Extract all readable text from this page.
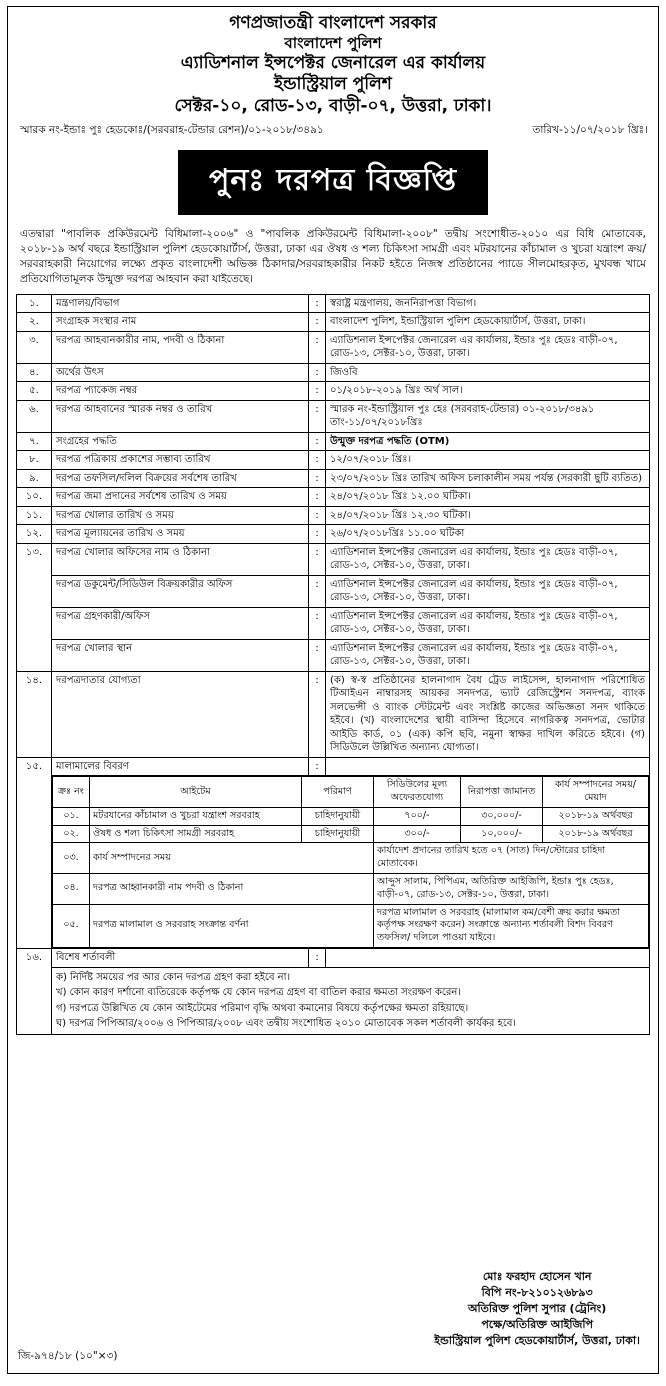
গণপ্রজাতন্ত্রী বাংলাদেশ সরকার
বাংলাদেশ পুলিশ
এ্যাডিশনাল ইন্সপেক্টর জেনারেল এর কার্যালয়
ইন্ডাস্ট্রিয়াল পুলিশ
সেক্টর-১০, রোড-১৩, বাড়ী-০৭, উত্তরা, ঢাকা।
স্মারক নং-ইন্ডাঃ পুঃ হেডকোঃ/(সরবরাহ-টেন্ডার রেশন)/০১-২০১৮/৩৪৯১	তারিখ-১১/০৭/২০১৮ খ্রিঃ।
পুনঃ দরপত্র বিজ্ঞপ্তি
এতদ্বারা "পাবলিক প্রকিউরমেন্ট বিধিমালা-২০০৬" ও "পাবলিক প্রকিউরমেন্ট বিধিমালা-২০০৮" তদ্বীয় সংশোধীত-২০১০ এর বিধি মোতাবেক, ২০১৮-১৯ অর্থ বছরে ইন্ডাস্ট্রিয়াল পুলিশ হেডকোয়ার্টার্স, উত্তরা, ঢাকা এর ঔষধ ও শল্য চিকিৎসা সামগ্রী এবং মটরযানের কাঁচামাল ও খুচরা যন্ত্রাংশ ক্রয়/সরবরাহকারী নিয়োগের লক্ষ্যে প্রকৃত বাংলাদেশী অভিজ্ঞ ঠিকাদার/সরবরাহকারীর নিকট হইতে নিজস্ব প্রতিষ্ঠানের প্যাডে সীলমোহরকৃত, মুখবন্ধ খামে প্রতিযোগিতামূলক উন্মুক্ত দরপত্র আহবান করা যাইতেছে।
১.	মন্ত্রণালয়/বিভাগ	:	স্বরাষ্ট্র মন্ত্রণালয়, জননিরাপত্তা বিভাগ।
২.	সংগ্রাহক সংস্থার নাম	:	বাংলাদেশ পুলিশ, ইন্ডাস্ট্রিয়াল পুলিশ হেডকোয়ার্টার্স, উত্তরা, ঢাকা।
৩.	দরপত্র আহবানকারীর নাম, পদবী ও ঠিকানা	:	এ্যাডিশনাল ইন্সপেক্টর জেনারেল এর কার্যালয়, ইন্ডাঃ পুঃ হেডঃ বাড়ী-০৭, রোড-১৩, সেক্টর-১০, উত্তরা, ঢাকা।
৪.	অর্থের উৎস	:	জিওবি
৫.	দরপত্র প্যাকেজ নম্বর	:	০১/২০১৮-২০১৯ খ্রিঃ অর্থ সাল।
৬.	দরপত্র আহবানের স্মারক নম্বর ও তারিখ	:	স্মারক নং-ইন্ডাস্ট্রিয়াল পুঃ হেঃ (সরবরাহ-টেন্ডার) ০১-২০১৮/৩৪৯১ তাং-১১/০৭/২০১৮খ্রিঃ
৭.	সংগ্রহের পদ্ধতি	:	উন্মুক্ত দরপত্র পদ্ধতি (OTM)
৮.	দরপত্র পত্রিকায় প্রকাশের সম্ভাব্য তারিখ	:	১২/০৭/২০১৮ খ্রিঃ।
৯.	দরপত্র তফসিল/দলিল বিক্রয়ের সর্বশেষ তারিখ	:	২৩/০৭/২০১৮ খ্রিঃ তারিখ অফিস চলাকালীন সময় পর্যন্ত (সরকারী ছুটি ব্যতিত)
১০.	দরপত্র জমা প্রদানের সর্বশেষ তারিখ ও সময়	:	২৪/০৭/২০১৮ খ্রিঃ ১২.০০ ঘটিকা।
১১.	দরপত্র খোলার তারিখ ও সময়	:	২৪/০৭/২০১৮ খ্রিঃ ১২.৩০ ঘটিকা।
১২.	দরপত্র মূল্যায়নের তারিখ ও সময়	:	২৬/০৭/২০১৮খ্রিঃ ১১.০০ ঘটিকা
১৩.	দরপত্র খোলার অফিসের নাম ও ঠিকানা	:	এ্যাডিশনাল ইন্সপেক্টর জেনারেল এর কার্যালয়, ইন্ডাঃ পুঃ হেডঃ বাড়ী-০৭, রোড-১৩, সেক্টর-১০, উত্তরা, ঢাকা।
দরপত্র ডকুমেন্ট/সিডিউল বিক্রয়কারীর অফিস	:	এ্যাডিশনাল ইন্সপেক্টর জেনারেল এর কার্যালয়, ইন্ডাঃ পুঃ হেডঃ বাড়ী-০৭, রোড-১৩, সেক্টর-১০, উত্তরা, ঢাকা।
দরপত্র গ্রহণকারী/অফিস	:	এ্যাডিশনাল ইন্সপেক্টর জেনারেল এর কার্যালয়, ইন্ডাঃ পুঃ হেডঃ বাড়ী-০৭, রোড-১৩, সেক্টর-১০, উত্তরা, ঢাকা।
দরপত্র খোলার স্থান	:	এ্যাডিশনাল ইন্সপেক্টর জেনারেল এর কার্যালয়, ইন্ডাঃ পুঃ হেডঃ বাড়ী-০৭, রোড-১৩, সেক্টর-১০, উত্তরা, ঢাকা।
১৪.	দরপত্রদাতার যোগ্যতা	:	(ক) স্ব-স্ব প্রতিষ্ঠানের হালনাগাদ বৈধ ট্রেড লাইসেন্স, হালনাগাদ পরিশোধিত টিআইএন নাম্বারসহ আয়কর সনদপত্র, ভ্যাট রেজিস্ট্রেশন সনদপত্র, ব্যাংক সলভেন্সী ও ব্যাংক স্টেটমেন্ট এবং সংশ্লিষ্ট কাজের অভিজ্ঞতা সনদ থাকিতে হইবে। (খ) বাংলাদেশের স্থায়ী বাসিন্দা হিসেবে নাগরিকত্ব সনদপত্র, ভোটার আইডি কার্ড, ০১ (এক) কপি ছবি, নমুনা স্বাক্ষর দাখিল করিতে হইবে। (গ) সিডিউলে উল্লিখিত অন্যান্য যোগ্যতা।
১৫.	মালামালের বিবরণ	:	

ক্রঃ নং	আইটেম	পরিমাণ	সিডিউলের মূল্য অফেরতযোগ্য	নিরাপত্তা জামানত	কার্য সম্পাদনের সময়/মেয়াদ
০১.	মটরযানের কাঁচামাল ও খুচরা যন্ত্রাংশ সরবরাহ	চাহিদানুযায়ী	৭০০/-	৩০,০০০/-	২০১৮-১৯ অর্থবছর
০২.	ঔষধ ও শল্য চিকিৎসা সামগ্রী সরবরাহ	চাহিদানুযায়ী	৩০০/-	১০,০০০/-	২০১৮-১৯ অর্থবছর
০৩.	কার্য সম্পাদনের সময়	কার্যাদেশ প্রদানের তারিখ হতে ০৭ (সাত) দিন/স্টোরের চাহিদা মোতাবেক।
০৪.	দরপত্র আহ্বানকারী নাম পদবী ও ঠিকানা	আব্দুস সালাম, পিপিএম, অতিরিক্ত আইজিপি, ইন্ডাঃ পুঃ হেডঃ, বাড়ী-০৭, রোড-১৩, সেক্টর-১০, উত্তরা, ঢাকা।
০৫.	দরপত্র মালামাল ও সরবরাহ সংক্রান্ত বর্ণনা	দরপত্র মালামাল ও সরবরাহ (মালামাল কম/বেশী ক্রয় করার ক্ষমতা কর্তৃপক্ষ সংরক্ষণ করেন) সংক্রান্তে অন্যান্য শর্তাবলী বিশদ বিবরণ তফসিল/ দলিলে পাওয়া যাইবে।

১৬.	বিশেষ শর্তাবলী	:	

ক) নির্দিষ্ট সময়ের পর আর কোন দরপত্র গ্রহণ করা হইবে না।
খ) কোন কারণ দর্শানো ব্যতিরেকে কর্তৃপক্ষ যে কোন দরপত্র গ্রহণ বা বাতিল করার ক্ষমতা সংরক্ষণ করেন।
গ) দরপত্রে উল্লিখিত যে কোন আইটেমের পরিমাণ বৃদ্ধি অথবা কমানোর বিষয়ে কর্তৃপক্ষের ক্ষমতা রহিয়াছে।
ঘ) দরপত্র পিপিআর/২০০৬ ও পিপিআর/২০০৮ এবং তদ্বীয় সংশোধিত ২০১০ মোতাবেক সকল শর্তাবলী কার্যকর হবে।
মোঃ ফরহাদ হোসেন খান
বিপি নং-৮২১০১২৬৮৯৩
অতিরিক্ত পুলিশ সুপার (ট্রেনিং)
পক্ষে/অতিরিক্ত আইজিপি
ইন্ডাস্ট্রিয়াল পুলিশ হেডকোয়ার্টার্স, উত্তরা, ঢাকা।
জি-৯৭৪/১৮ (১০"×৩)
